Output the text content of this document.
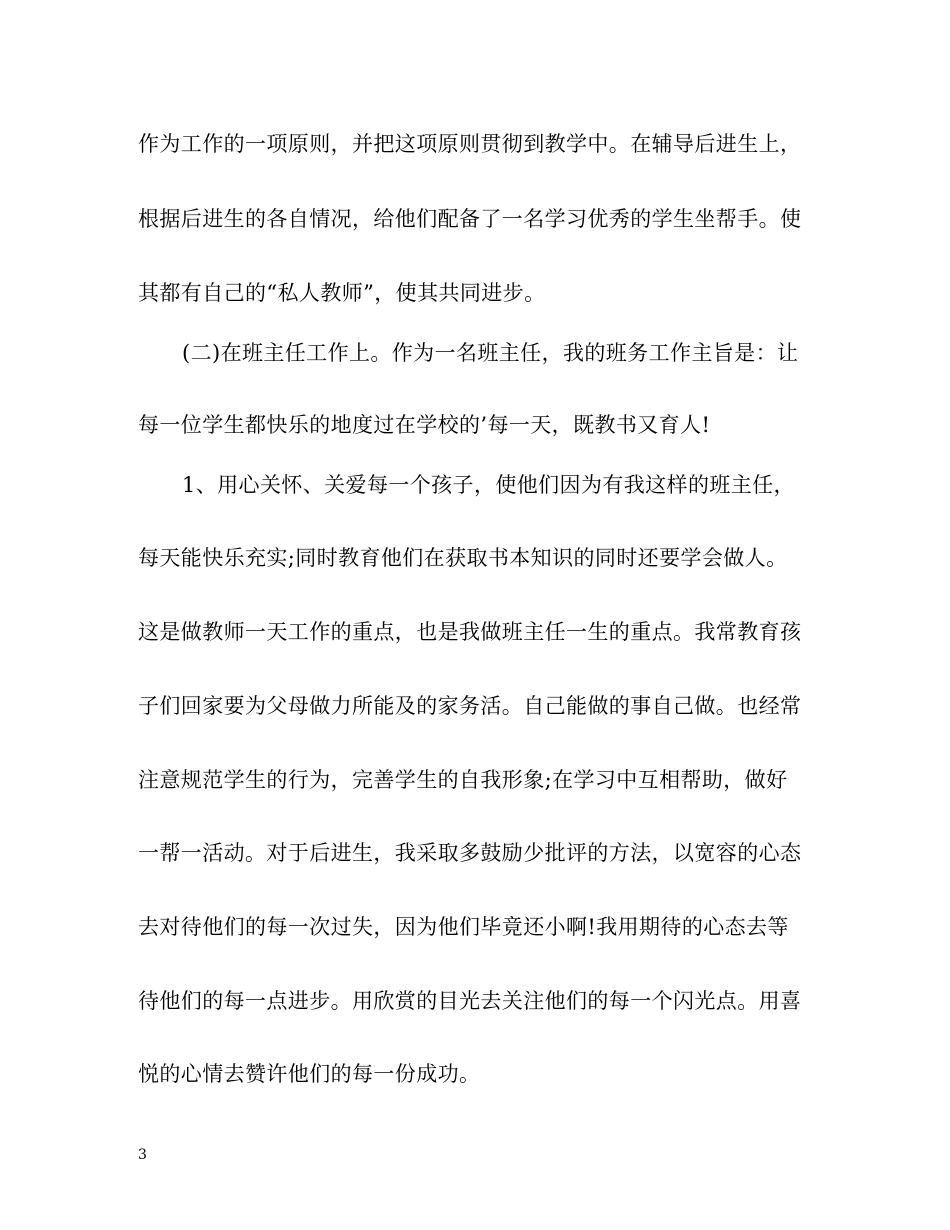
作为工作的一项原则，并把这项原则贯彻到教学中。在辅导后进生上，
根据后进生的各自情况，给他们配备了一名学习优秀的学生坐帮手。使
其都有自己的“私人教师”，使其共同进步。
(二)在班主任工作上。作为一名班主任，我的班务工作主旨是：让
每一位学生都快乐的地度过在学校的’每一天，既教书又育人!
1、用心关怀、关爱每一个孩子，使他们因为有我这样的班主任，
每天能快乐充实;同时教育他们在获取书本知识的同时还要学会做人。
这是做教师一天工作的重点，也是我做班主任一生的重点。我常教育孩
子们回家要为父母做力所能及的家务活。自己能做的事自己做。也经常
注意规范学生的行为，完善学生的自我形象;在学习中互相帮助，做好
一帮一活动。对于后进生，我采取多鼓励少批评的方法，以宽容的心态
去对待他们的每一次过失，因为他们毕竟还小啊!我用期待的心态去等
待他们的每一点进步。用欣赏的目光去关注他们的每一个闪光点。用喜
悦的心情去赞许他们的每一份成功。
3
